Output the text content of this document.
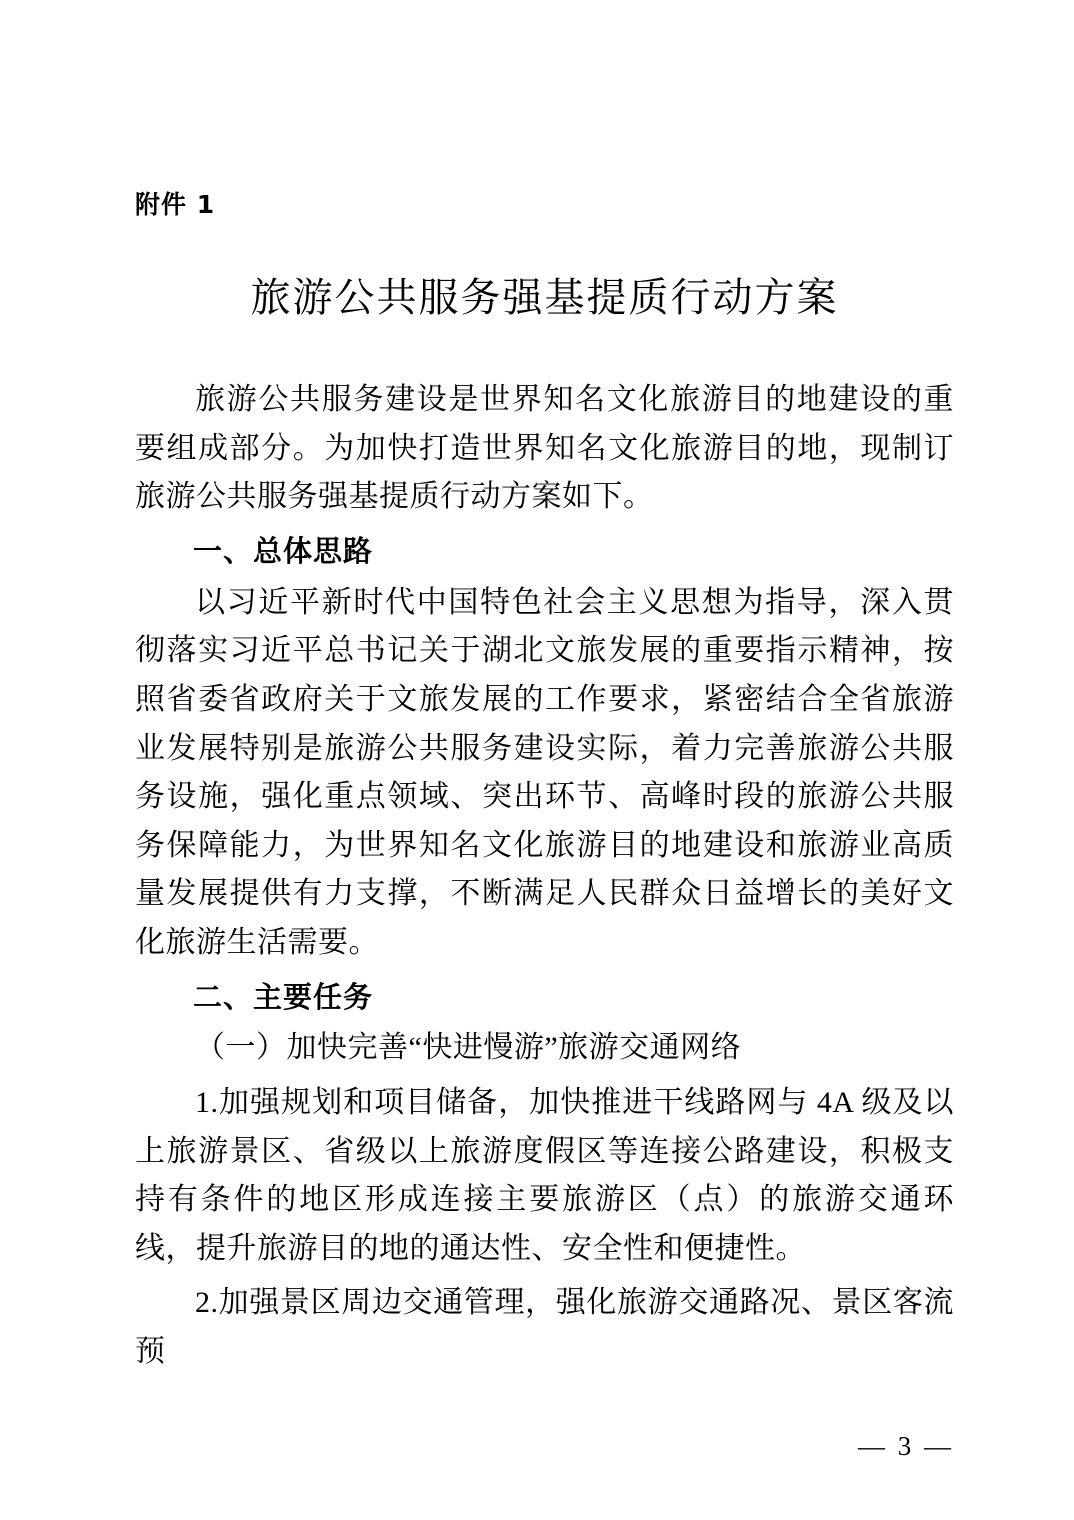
附件 1
旅游公共服务强基提质行动方案

旅游公共服务建设是世界知名文化旅游目的地建设的重要组成部分。为加快打造世界知名文化旅游目的地，现制订旅游公共服务强基提质行动方案如下。

一、总体思路

以习近平新时代中国特色社会主义思想为指导，深入贯彻落实习近平总书记关于湖北文旅发展的重要指示精神，按照省委省政府关于文旅发展的工作要求，紧密结合全省旅游业发展特别是旅游公共服务建设实际，着力完善旅游公共服务设施，强化重点领域、突出环节、高峰时段的旅游公共服务保障能力，为世界知名文化旅游目的地建设和旅游业高质量发展提供有力支撑，不断满足人民群众日益增长的美好文化旅游生活需要。

二、主要任务

（一）加快完善“快进慢游”旅游交通网络

1.加强规划和项目储备，加快推进干线路网与 4A 级及以上旅游景区、省级以上旅游度假区等连接公路建设，积极支持有条件的地区形成连接主要旅游区（点）的旅游交通环线，提升旅游目的地的通达性、安全性和便捷性。

2.加强景区周边交通管理，强化旅游交通路况、景区客流预

— 3 —
